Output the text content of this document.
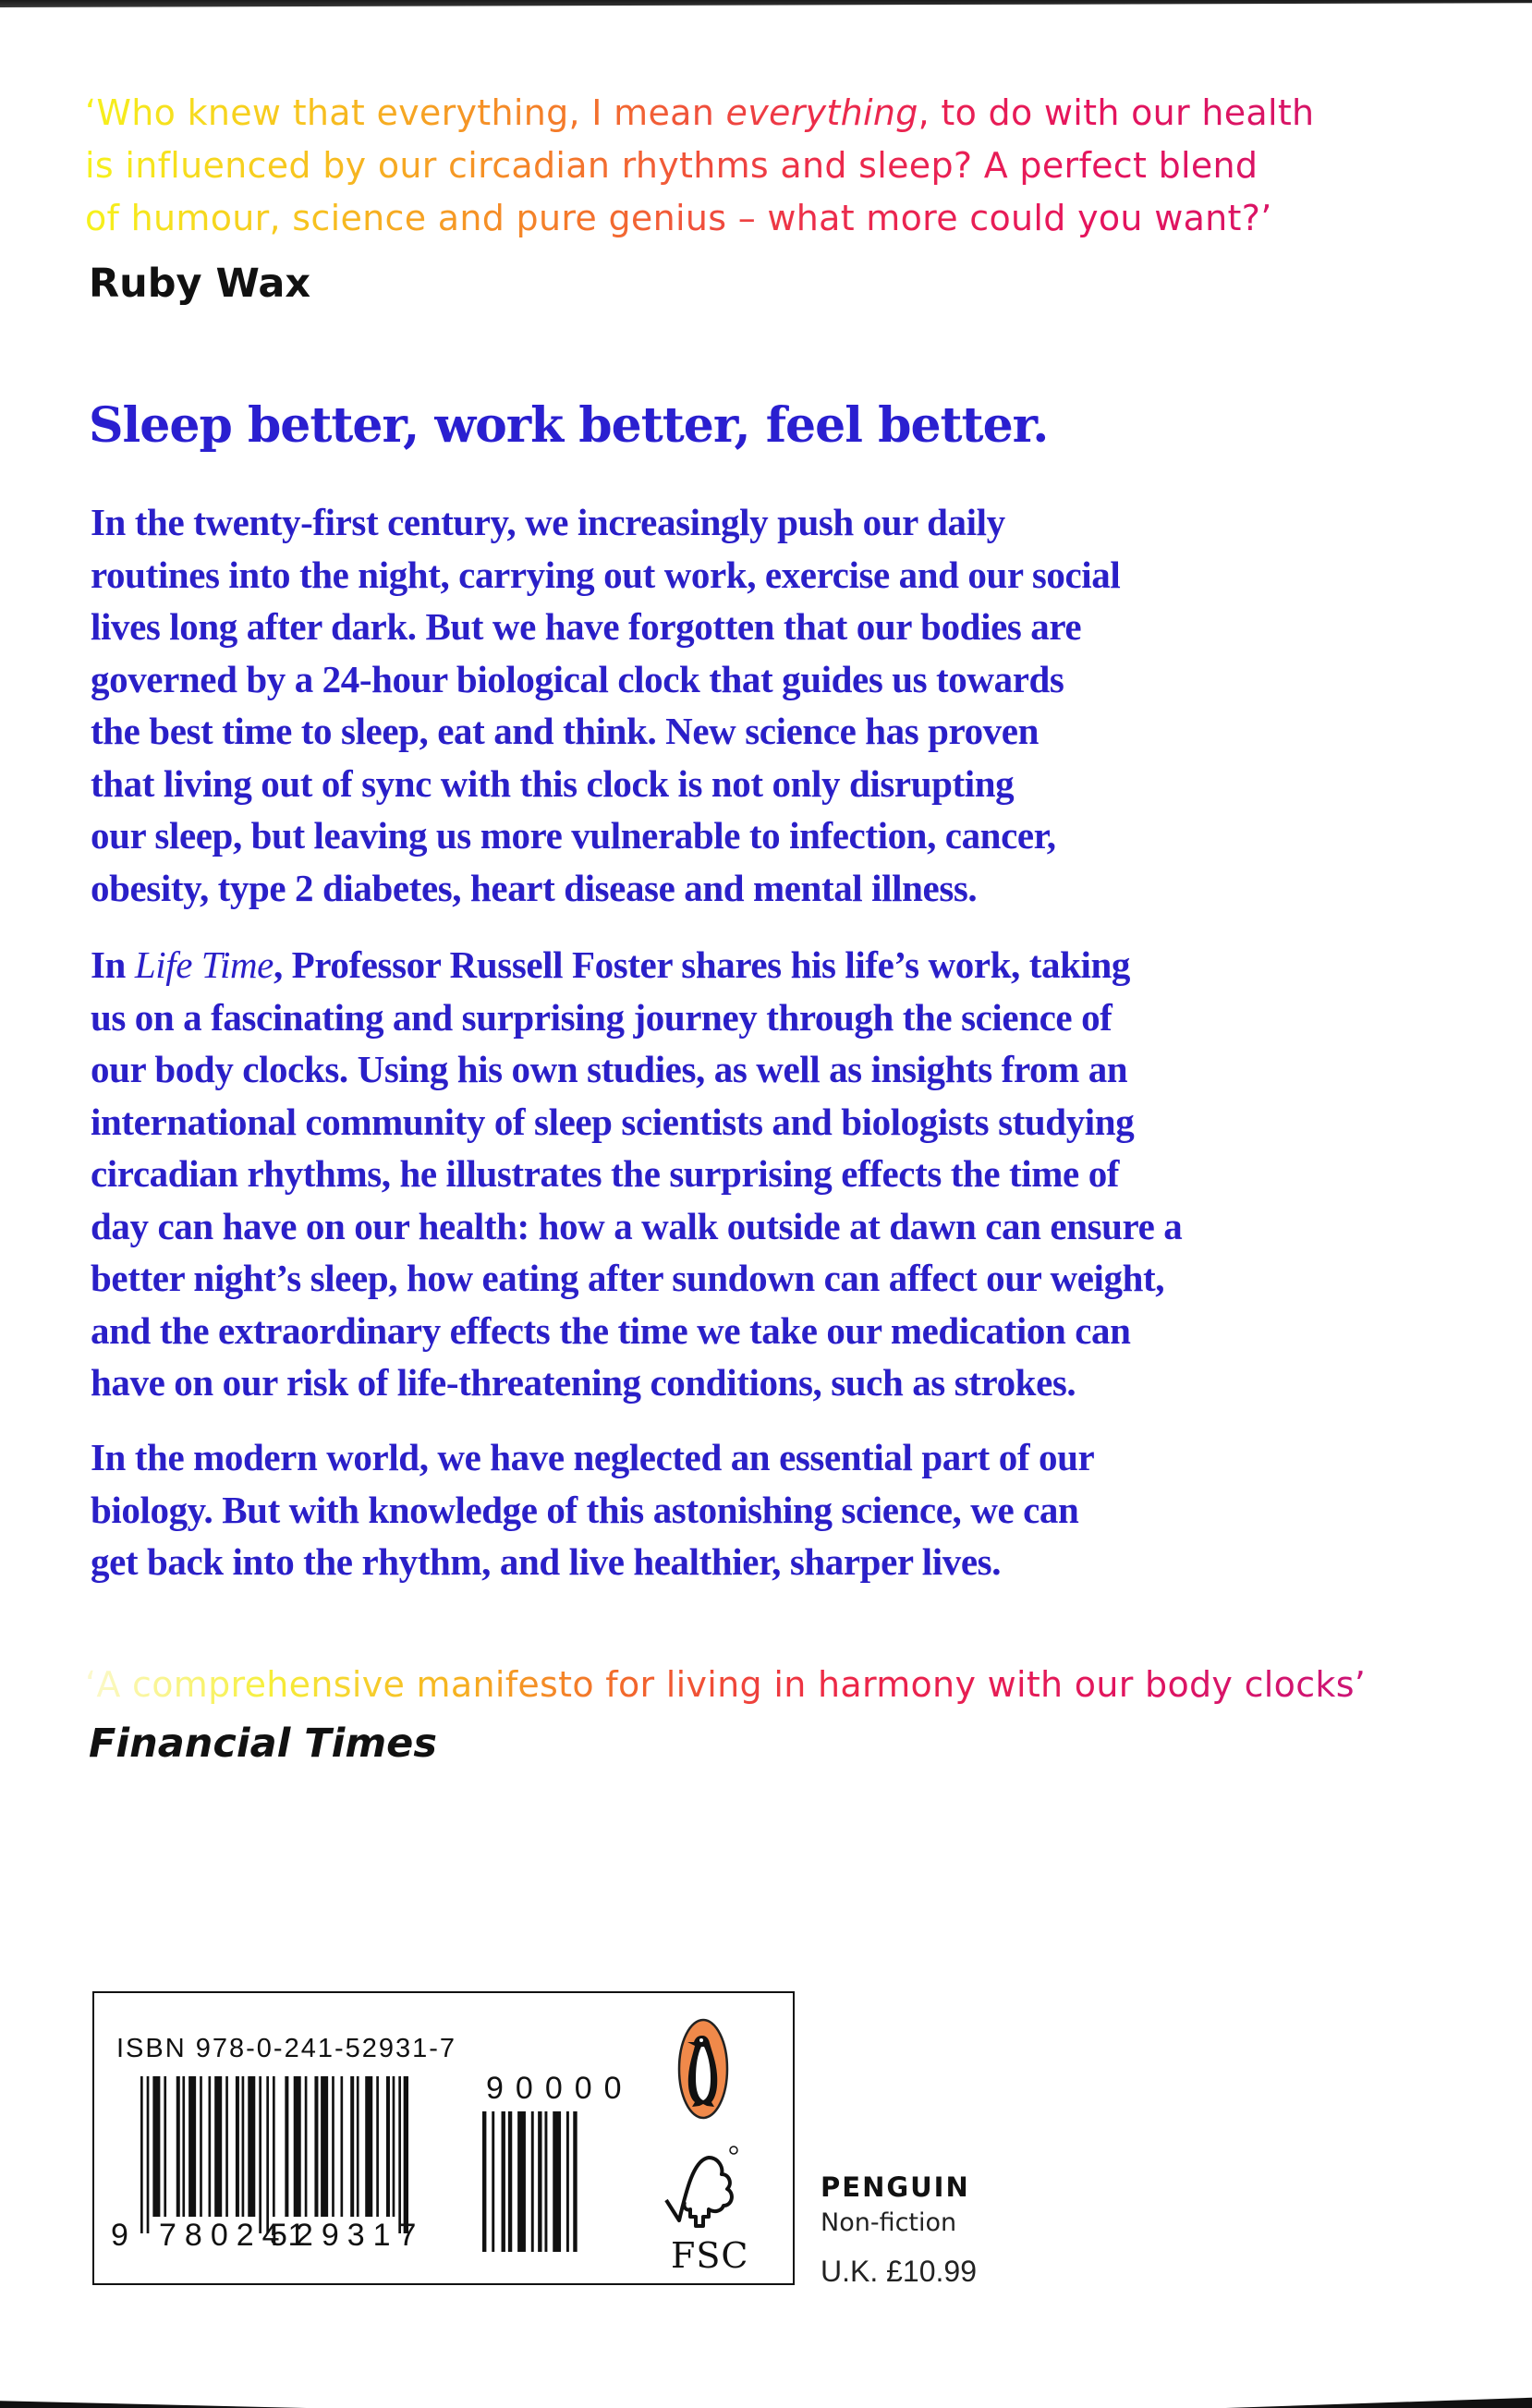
‘Who knew that everything, I mean everything, to do with our health
is influenced by our circadian rhythms and sleep? A perfect blend
of humour, science and pure genius – what more could you want?’

Ruby Wax

Sleep better, work better, feel better.

In the twenty-first century, we increasingly push our daily
routines into the night, carrying out work, exercise and our social
lives long after dark. But we have forgotten that our bodies are
governed by a 24-hour biological clock that guides us towards
the best time to sleep, eat and think. New science has proven
that living out of sync with this clock is not only disrupting
our sleep, but leaving us more vulnerable to infection, cancer,
obesity, type 2 diabetes, heart disease and mental illness.

In Life Time, Professor Russell Foster shares his life’s work, taking
us on a fascinating and surprising journey through the science of
our body clocks. Using his own studies, as well as insights from an
international community of sleep scientists and biologists studying
circadian rhythms, he illustrates the surprising effects the time of
day can have on our health: how a walk outside at dawn can ensure a
better night’s sleep, how eating after sundown can affect our weight,
and the extraordinary effects the time we take our medication can
have on our risk of life-threatening conditions, such as strokes.

In the modern world, we have neglected an essential part of our
biology. But with knowledge of this astonishing science, we can
get back into the rhythm, and live healthier, sharper lives.

‘A comprehensive manifesto for living in harmony with our body clocks’

Financial Times

ISBN 978-0-241-52931-7
9 780241
529317
90000
FSC
PENGUIN
Non-fiction
U.K. £10.99
